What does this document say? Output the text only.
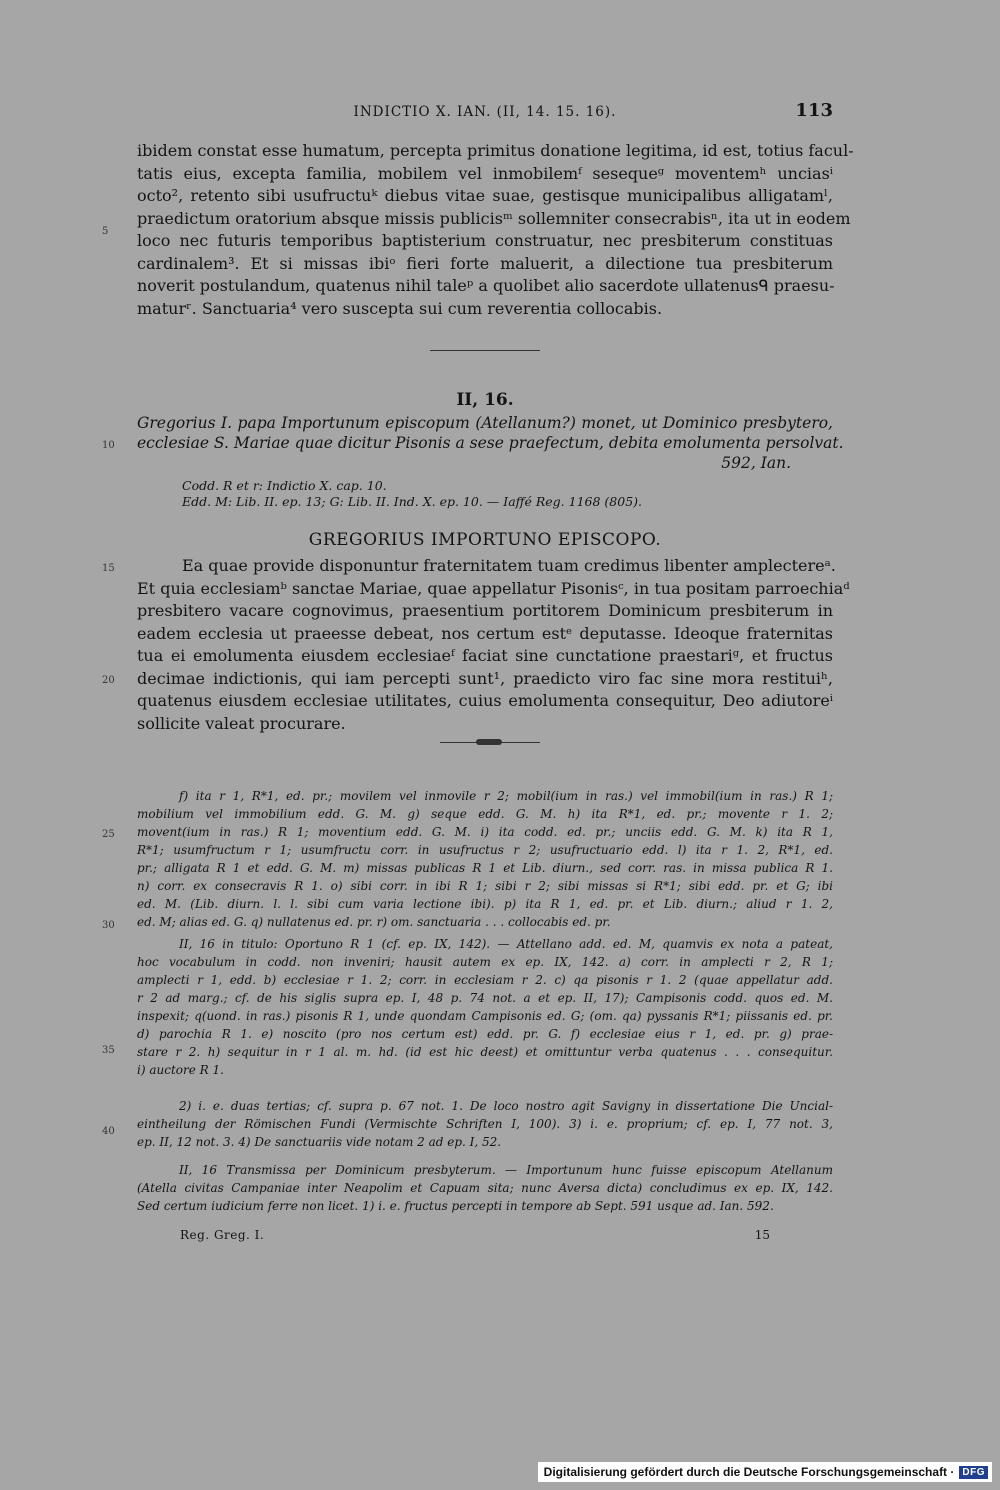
INDICTIO X. IAN. (II, 14. 15. 16).	113
ibidem constat esse humatum, percepta primitus donatione legitima, id est, totius facul-
tatis eius, excepta familia, mobilem vel inmobilemᶠ sesequeᵍ moventemʰ unciasⁱ
octo², retento sibi usufructuᵏ diebus vitae suae, gestisque municipalibus alligatamˡ,
praedictum oratorium absque missis publicisᵐ sollemniter consecrabisⁿ, ita ut in eodem
loco nec futuris temporibus baptisterium construatur, nec presbiterum constituas
cardinalem³. Et si missas ibiᵒ fieri forte maluerit, a dilectione tua presbiterum
noverit postulandum, quatenus nihil taleᵖ a quolibet alio sacerdote ullatenusᑫ praesu-
maturʳ. Sanctuaria⁴ vero suscepta sui cum reverentia collocabis.
5
10
15
20
25
30
35
40
II, 16.
Gregorius I. papa Importunum episcopum (Atellanum?) monet, ut Dominico presbytero,
ecclesiae S. Mariae quae dicitur Pisonis a sese praefectum, debita emolumenta persolvat.
592, Ian.
Codd. R et r: Indictio X. cap. 10.
Edd. M: Lib. II. ep. 13; G: Lib. II. Ind. X. ep. 10. — Iaffé Reg. 1168 (805).
GREGORIUS IMPORTUNO EPISCOPO.
Ea quae provide disponuntur fraternitatem tuam credimus libenter amplectereᵃ.
Et quia ecclesiamᵇ sanctae Mariae, quae appellatur Pisonisᶜ, in tua positam parroechiaᵈ
presbitero vacare cognovimus, praesentium portitorem Dominicum presbiterum in
eadem ecclesia ut praeesse debeat, nos certum estᵉ deputasse. Ideoque fraternitas
tua ei emolumenta eiusdem ecclesiaeᶠ faciat sine cunctatione praestariᵍ, et fructus
decimae indictionis, qui iam percepti sunt¹, praedicto viro fac sine mora restituiʰ,
quatenus eiusdem ecclesiae utilitates, cuius emolumenta consequitur, Deo adiutoreⁱ
sollicite valeat procurare.
f) ita r 1, R*1, ed. pr.; movilem vel inmovile r 2; mobil(ium in ras.) vel immobil(ium in ras.) R 1;
mobilium vel immobilium edd. G. M. g) seque edd. G. M. h) ita R*1, ed. pr.; movente r 1. 2;
movent(ium in ras.) R 1; moventium edd. G. M. i) ita codd. ed. pr.; unciis edd. G. M. k) ita R 1,
R*1; usumfructum r 1; usumfructu corr. in usufructus r 2; usufructuario edd. l) ita r 1. 2, R*1, ed.
pr.; alligata R 1 et edd. G. M. m) missas publicas R 1 et Lib. diurn., sed corr. ras. in missa publica R 1.
n) corr. ex consecravis R 1. o) sibi corr. in ibi R 1; sibi r 2; sibi missas si R*1; sibi edd. pr. et G; ibi
ed. M. (Lib. diurn. l. l. sibi cum varia lectione ibi). p) ita R 1, ed. pr. et Lib. diurn.; aliud r 1. 2,
ed. M; alias ed. G. q) nullatenus ed. pr. r) om. sanctuaria . . . collocabis ed. pr.
II, 16 in titulo: Oportuno R 1 (cf. ep. IX, 142). — Attellano add. ed. M, quamvis ex nota a pateat,
hoc vocabulum in codd. non inveniri; hausit autem ex ep. IX, 142. a) corr. in amplecti r 2, R 1;
amplecti r 1, edd. b) ecclesiae r 1. 2; corr. in ecclesiam r 2. c) qa pisonis r 1. 2 (quae appellatur add.
r 2 ad marg.; cf. de his siglis supra ep. I, 48 p. 74 not. a et ep. II, 17); Campisonis codd. quos ed. M.
inspexit; q(uond. in ras.) pisonis R 1, unde quondam Campisonis ed. G; (om. qa) pyssanis R*1; piissanis ed. pr.
d) parochia R 1. e) noscito (pro nos certum est) edd. pr. G. f) ecclesiae eius r 1, ed. pr. g) prae-
stare r 2. h) sequitur in r 1 al. m. hd. (id est hic deest) et omittuntur verba quatenus . . . consequitur.
i) auctore R 1.
2) i. e. duas tertias; cf. supra p. 67 not. 1. De loco nostro agit Savigny in dissertatione Die Uncial-
eintheilung der Römischen Fundi (Vermischte Schriften I, 100). 3) i. e. proprium; cf. ep. I, 77 not. 3,
ep. II, 12 not. 3. 4) De sanctuariis vide notam 2 ad ep. I, 52.
II, 16 Transmissa per Dominicum presbyterum. — Importunum hunc fuisse episcopum Atellanum
(Atella civitas Campaniae inter Neapolim et Capuam sita; nunc Aversa dicta) concludimus ex ep. IX, 142.
Sed certum iudicium ferre non licet. 1) i. e. fructus percepti in tempore ab Sept. 591 usque ad. Ian. 592.
Reg. Greg. I.	15
Digitalisierung gefördert durch die Deutsche Forschungsgemeinschaft · DFG
